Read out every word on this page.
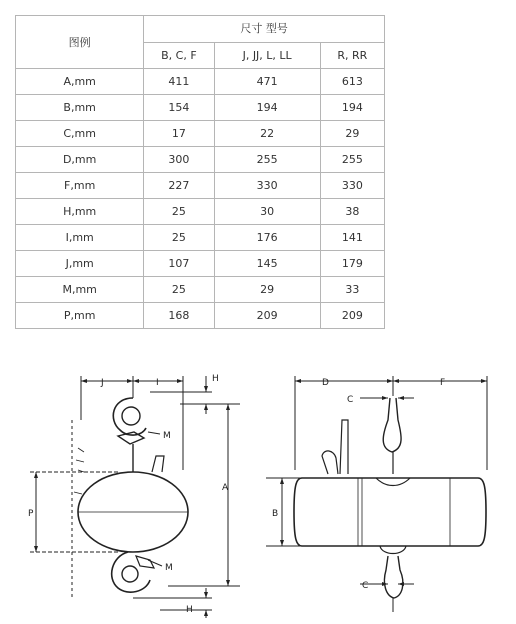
图例	尺寸 型号		
	B, C, F	J, JJ, L, LL	R, RR
A,mm	411	471	613
B,mm	154	194	194
C,mm	17	22	29
D,mm	300	255	255
F,mm	227	330	330
H,mm	25	30	38
I,mm	25	176	141
J,mm	107	145	179
M,mm	25	29	33
P,mm	168	209	209
J	I	H
M
A
P
M
H
D	F
C
B
C
